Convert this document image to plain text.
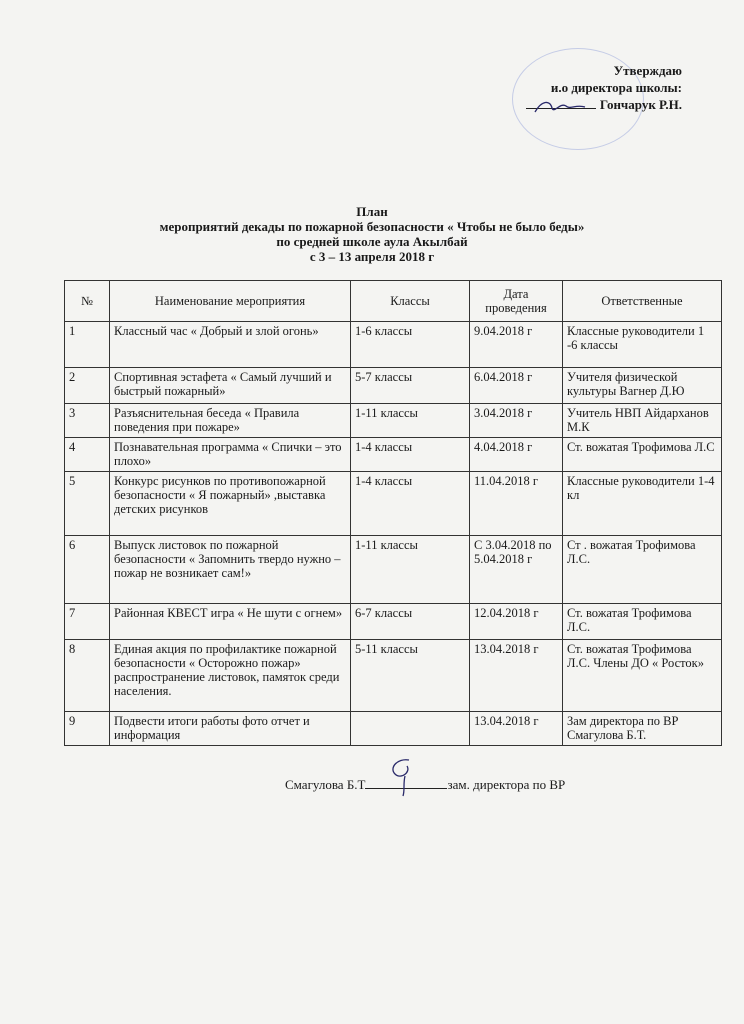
Утверждаю
и.о директора школы:
Гончарук Р.Н.
План
мероприятий декады по пожарной безопасности « Чтобы не было беды»
по средней школе аула Акылбай
с 3 – 13 апреля 2018 г
№	Наименование мероприятия	Классы	Дата проведения	Ответственные
1	Классный час « Добрый и злой огонь»	1-6 классы	9.04.2018 г	Классные руководители 1 -6 классы
2	Спортивная эстафета « Самый лучший и быстрый пожарный»	5-7 классы	6.04.2018 г	Учителя физической культуры Вагнер Д.Ю
3	Разъяснительная беседа « Правила поведения при пожаре»	1-11 классы	3.04.2018 г	Учитель НВП Айдарханов М.К
4	Познавательная программа « Спички – это плохо»	1-4 классы	4.04.2018 г	Ст. вожатая Трофимова Л.С
5	Конкурс рисунков по противопожарной безопасности « Я пожарный» ,выставка детских рисунков	1-4 классы	11.04.2018 г	Классные руководители 1-4 кл
6	Выпуск листовок по пожарной безопасности « Запомнить твердо нужно – пожар не возникает сам!»	1-11 классы	С 3.04.2018 по 5.04.2018 г	Ст . вожатая Трофимова Л.С.
7	Районная КВЕСТ игра « Не шути с огнем»	6-7 классы	12.04.2018 г	Ст. вожатая Трофимова Л.С.
8	Единая акция по профилактике пожарной безопасности « Осторожно пожар» распространение листовок, памяток среди населения.	5-11 классы	13.04.2018 г	Ст. вожатая Трофимова Л.С. Члены ДО « Росток»
9	Подвести итоги работы фото отчет и информация		13.04.2018 г	Зам директора по ВР Смагулова Б.Т.
Смагулова Б.Т	зам. директора по ВР
